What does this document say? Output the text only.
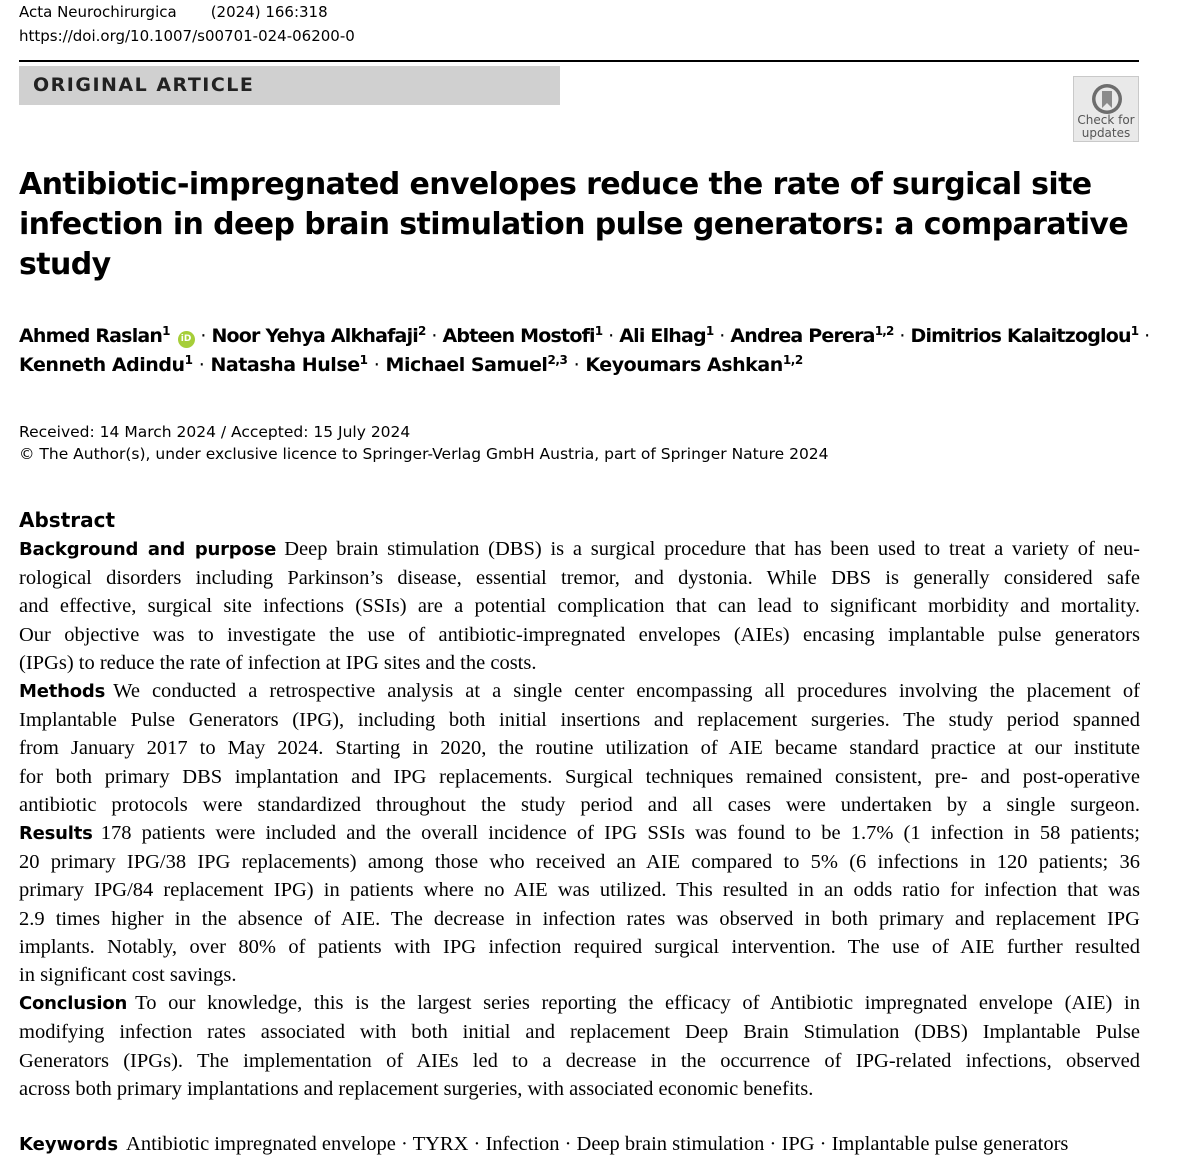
Acta Neurochirurgica (2024) 166:318
https://doi.org/10.1007/s00701-024-06200-0
ORIGINAL ARTICLE
Check for
updates
Antibiotic-impregnated envelopes reduce the rate of surgical site
infection in deep brain stimulation pulse generators: a comparative
study
Ahmed Raslan$^1$ iD · Noor Yehya Alkhafaji$^2$ · Abteen Mostofi$^1$ · Ali Elhag$^1$ · Andrea Perera$^{1,2}$ · Dimitrios Kalaitzoglou$^1$ ·
Kenneth Adindu$^1$ · Natasha Hulse$^1$ · Michael Samuel$^{2,3}$ · Keyoumars Ashkan$^{1,2}$
Received: 14 March 2024 / Accepted: 15 July 2024
© The Author(s), under exclusive licence to Springer-Verlag GmbH Austria, part of Springer Nature 2024
Abstract
Background and purpose Deep brain stimulation (DBS) is a surgical procedure that has been used to treat a variety of neu-
rological disorders including Parkinson’s disease, essential tremor, and dystonia. While DBS is generally considered safe
and effective, surgical site infections (SSIs) are a potential complication that can lead to significant morbidity and mortality.
Our objective was to investigate the use of antibiotic-impregnated envelopes (AIEs) encasing implantable pulse generators
(IPGs) to reduce the rate of infection at IPG sites and the costs.
Methods We conducted a retrospective analysis at a single center encompassing all procedures involving the placement of
Implantable Pulse Generators (IPG), including both initial insertions and replacement surgeries. The study period spanned
from January 2017 to May 2024. Starting in 2020, the routine utilization of AIE became standard practice at our institute
for both primary DBS implantation and IPG replacements. Surgical techniques remained consistent, pre- and post-operative
antibiotic protocols were standardized throughout the study period and all cases were undertaken by a single surgeon.
Results 178 patients were included and the overall incidence of IPG SSIs was found to be 1.7% (1 infection in 58 patients;
20 primary IPG/38 IPG replacements) among those who received an AIE compared to 5% (6 infections in 120 patients; 36
primary IPG/84 replacement IPG) in patients where no AIE was utilized. This resulted in an odds ratio for infection that was
2.9 times higher in the absence of AIE. The decrease in infection rates was observed in both primary and replacement IPG
implants. Notably, over 80% of patients with IPG infection required surgical intervention. The use of AIE further resulted
in significant cost savings.
Conclusion To our knowledge, this is the largest series reporting the efficacy of Antibiotic impregnated envelope (AIE) in
modifying infection rates associated with both initial and replacement Deep Brain Stimulation (DBS) Implantable Pulse
Generators (IPGs). The implementation of AIEs led to a decrease in the occurrence of IPG-related infections, observed
across both primary implantations and replacement surgeries, with associated economic benefits.
Keywords Antibiotic impregnated envelope · TYRX · Infection · Deep brain stimulation · IPG · Implantable pulse generators
